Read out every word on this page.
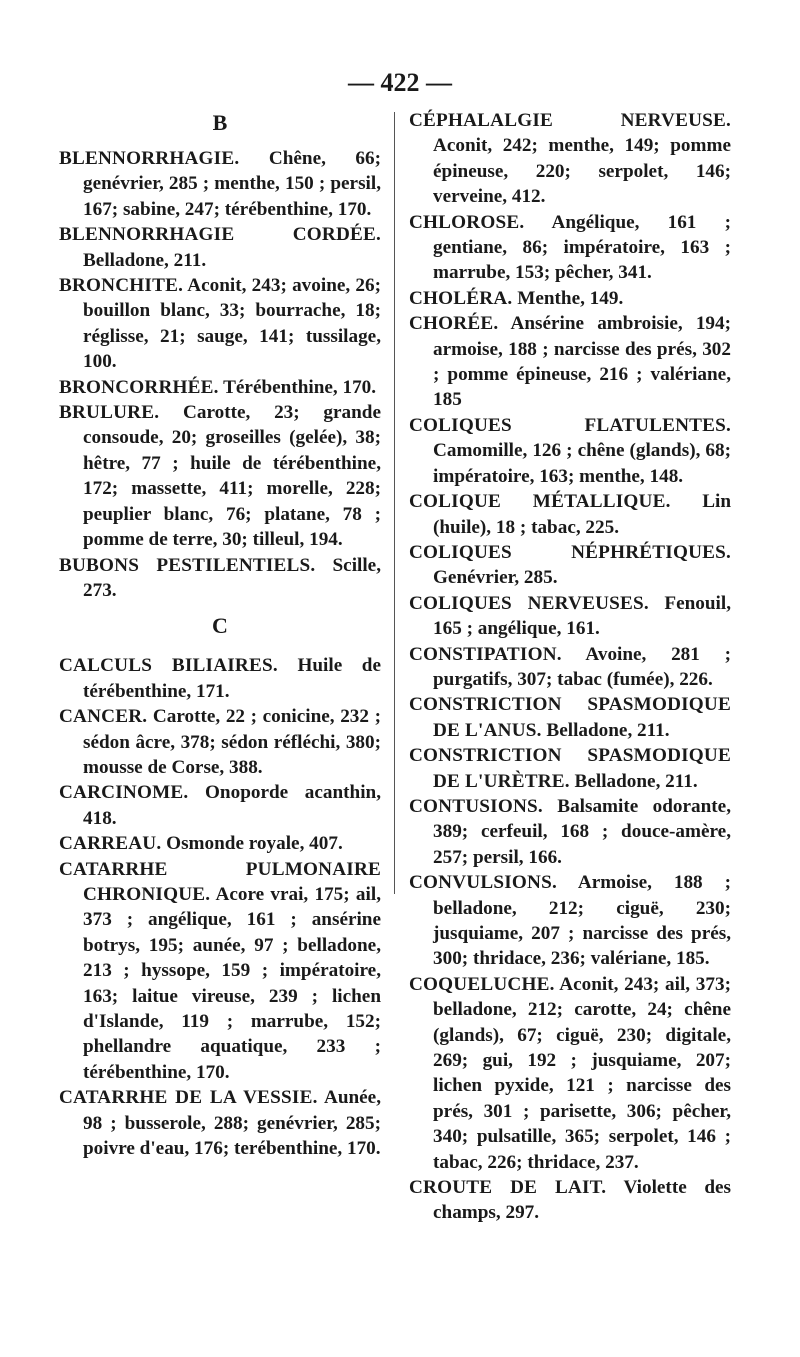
— 422 —
B

BLENNORRHAGIE. Chêne, 66; genévrier, 285 ; menthe, 150 ; persil, 167; sabine, 247; térébenthine, 170.

BLENNORRHAGIE CORDÉE. Belladone, 211.

BRONCHITE. Aconit, 243; avoine, 26; bouillon blanc, 33; bourrache, 18; réglisse, 21; sauge, 141; tussilage, 100.

BRONCORRHÉE. Térébenthine, 170.

BRULURE. Carotte, 23; grande consoude, 20; groseilles (gelée), 38; hêtre, 77 ; huile de térébenthine, 172; massette, 411; morelle, 228; peuplier blanc, 76; platane, 78 ; pomme de terre, 30; tilleul, 194.

BUBONS PESTILENTIELS. Scille, 273.

C

CALCULS BILIAIRES. Huile de térébenthine, 171.

CANCER. Carotte, 22 ; conicine, 232 ; sédon âcre, 378; sédon réfléchi, 380; mousse de Corse, 388.

CARCINOME. Onoporde acanthin, 418.

CARREAU. Osmonde royale, 407.

CATARRHE PULMONAIRE CHRONIQUE. Acore vrai, 175; ail, 373 ; angélique, 161 ; ansérine botrys, 195; aunée, 97 ; belladone, 213 ; hyssope, 159 ; impératoire, 163; laitue vireuse, 239 ; lichen d'Islande, 119 ; marrube, 152; phellandre aquatique, 233 ; térébenthine, 170.

CATARRHE DE LA VESSIE. Aunée, 98 ; busserole, 288; genévrier, 285; poivre d'eau, 176; terébenthine, 170.

CÉPHALALGIE NERVEUSE. Aconit, 242; menthe, 149; pomme épineuse, 220; serpolet, 146; verveine, 412.

CHLOROSE. Angélique, 161 ; gentiane, 86; impératoire, 163 ; marrube, 153; pêcher, 341.

CHOLÉRA. Menthe, 149.

CHORÉE. Ansérine ambroisie, 194; armoise, 188 ; narcisse des prés, 302 ; pomme épineuse, 216 ; valériane, 185

COLIQUES FLATULENTES. Camomille, 126 ; chêne (glands), 68; impératoire, 163; menthe, 148.

COLIQUE MÉTALLIQUE. Lin (huile), 18 ; tabac, 225.

COLIQUES NÉPHRÉTIQUES. Genévrier, 285.

COLIQUES NERVEUSES. Fenouil, 165 ; angélique, 161.

CONSTIPATION. Avoine, 281 ; purgatifs, 307; tabac (fumée), 226.

CONSTRICTION SPASMODIQUE DE L'ANUS. Belladone, 211.

CONSTRICTION SPASMODIQUE DE L'URÈTRE. Belladone, 211.

CONTUSIONS. Balsamite odorante, 389; cerfeuil, 168 ; douce-amère, 257; persil, 166.

CONVULSIONS. Armoise, 188 ; belladone, 212; ciguë, 230; jusquiame, 207 ; narcisse des prés, 300; thridace, 236; valériane, 185.

COQUELUCHE. Aconit, 243; ail, 373; belladone, 212; carotte, 24; chêne (glands), 67; ciguë, 230; digitale, 269; gui, 192 ; jusquiame, 207; lichen pyxide, 121 ; narcisse des prés, 301 ; parisette, 306; pêcher, 340; pulsatille, 365; serpolet, 146 ; tabac, 226; thridace, 237.

CROUTE DE LAIT. Violette des champs, 297.
